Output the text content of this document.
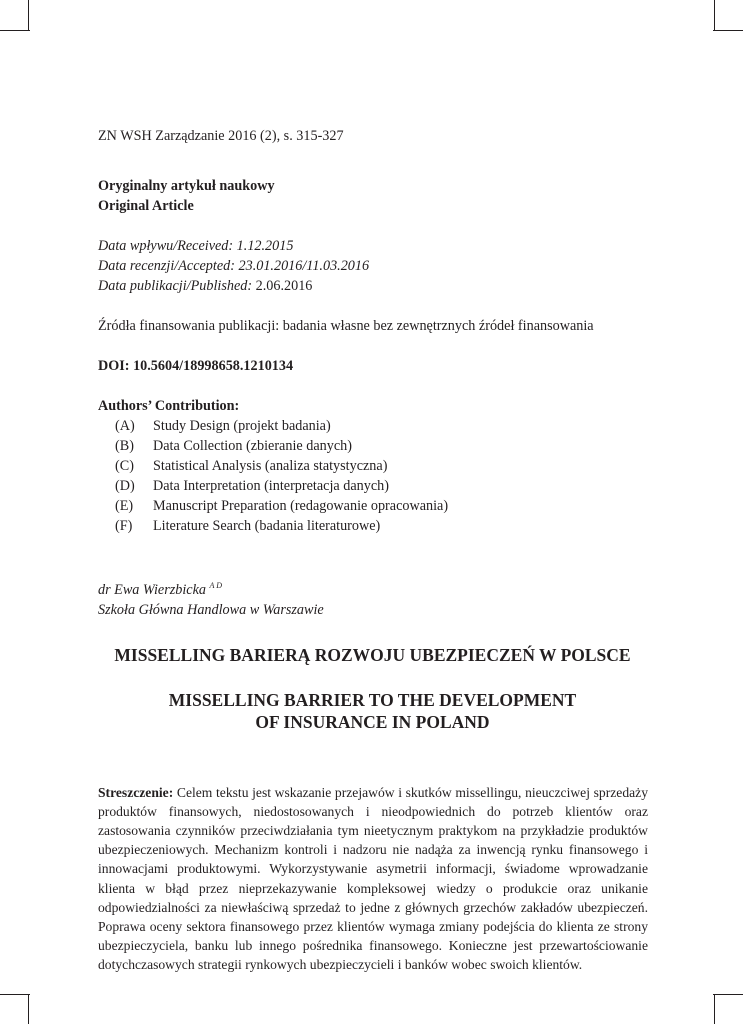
ZN WSH Zarządzanie 2016 (2), s. 315-327

Oryginalny artykuł naukowy

Original Article

Data wpływu/Received: 1.12.2015

Data recenzji/Accepted: 23.01.2016/11.03.2016

Data publikacji/Published: 2.06.2016

Źródła finansowania publikacji: badania własne bez zewnętrznych źródeł finansowania

DOI: 10.5604/18998658.1210134

Authors’ Contribution:

(A)	Study Design (projekt badania)
(B)	Data Collection (zbieranie danych)
(C)	Statistical Analysis (analiza statystyczna)
(D)	Data Interpretation (interpretacja danych)
(E)	Manuscript Preparation (redagowanie opracowania)
(F)	Literature Search (badania literaturowe)

dr Ewa Wierzbicka $^{A D}$

Szkoła Główna Handlowa w Warszawie

MISSELLING BARIERĄ ROZWOJU UBEZPIECZEŃ W POLSCE
MISSELLING BARRIER TO THE DEVELOPMENT
OF INSURANCE IN POLAND

Streszczenie: Celem tekstu jest wskazanie przejawów i skutków missellingu, nieuczciwej sprzedaży produktów finansowych, niedostosowanych i nieodpowiednich do potrzeb klientów oraz zastosowania czynników przeciwdziałania tym nieetycznym praktykom na przykładzie produktów ubezpieczeniowych. Mechanizm kontroli i nadzoru nie nadąża za inwencją rynku finansowego i innowacjami produktowymi. Wykorzystywanie asymetrii informacji, świadome wprowadzanie klienta w błąd przez nieprzekazywanie kompleksowej wiedzy o produkcie oraz unikanie odpowiedzialności za niewłaściwą sprzedaż to jedne z głównych grzechów zakładów ubezpieczeń. Poprawa oceny sektora finansowego przez klientów wymaga zmiany podejścia do klienta ze strony ubezpieczyciela, banku lub innego pośrednika finansowego. Konieczne jest przewartościowanie dotychczasowych strategii rynkowych ubezpieczycieli i banków wobec swoich klientów.
